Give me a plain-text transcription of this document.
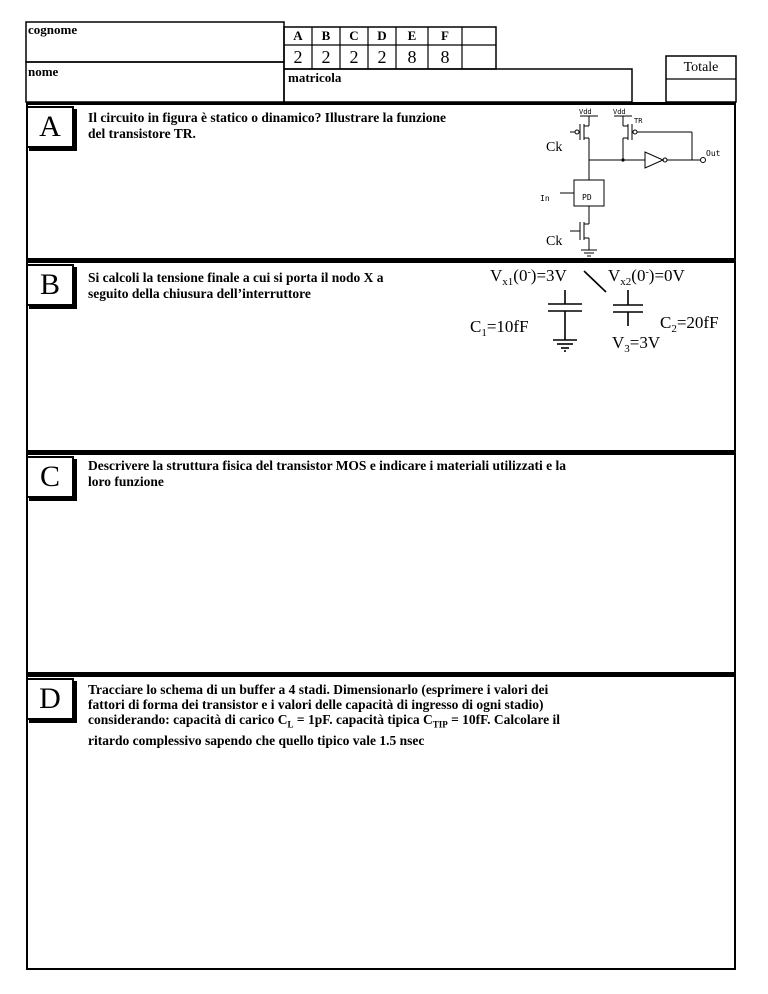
cognome
nome	matricola
Totale
A	B	C	D	E	F
2	2	2	2	8	8
A	Il circuito in figura è statico o dinamico? Illustrare la funzione
del transistore TR.
Vdd	Vdd
TR
Ck	Out
In	PD
Ck
B	Si calcoli la tensione finale a cui si porta il nodo X a
seguito della chiusura dell’interruttore
$V_{x1}(0^-)=3V$ $V_{x2}(0^-)=0V$
$C_1=10fF$	$C_2=20fF$
$V_3=3V$
C	Descrivere la struttura fisica del transistor MOS e indicare i materiali utilizzati e la
loro funzione
D	Tracciare lo schema di un buffer a 4 stadi. Dimensionarlo (esprimere i valori dei
fattori di forma dei transistor e i valori delle capacità di ingresso di ogni stadio)
considerando: capacità di carico $C_L = 1pF$. capacità tipica $C_{TIP} = 10fF$. Calcolare il
ritardo complessivo sapendo che quello tipico vale 1.5 nsec
